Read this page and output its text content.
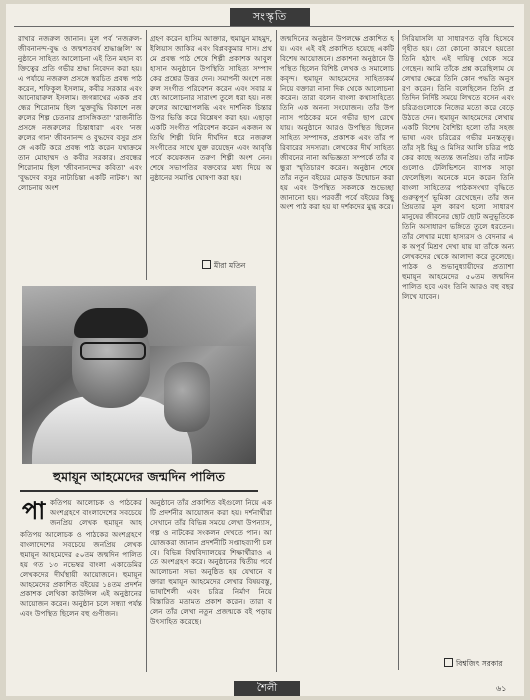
সংস্কৃতি
রাখার নজরুল জানান। মূল পর্ব 'নজরুল-জীবনানন্দ-বুদ্ধ ও জন্মশতবর্ষ শ্রদ্ধাঞ্জলি' অনুষ্ঠানে সাহিত্য আলোচনা এই তিন মহান ব্যক্তিত্বের প্রতি গভীর শ্রদ্ধা নিবেদন করা হয়। এ পর্যায়ে নজরুল প্রসঙ্গে স্বরচিত প্রবন্ধ পাঠ করেন, শফিকুল ইসলাম, কবীর সরকার এবং আনোয়ারুল ইসলাম। জগন্নাথের একক প্রবন্ধের শিরোনাম ছিল 'মুক্তবুদ্ধি বিকাশে নজরুলের শিল্প চেতনার প্রাসঙ্গিকতা' 'রাজনীতি প্রসঙ্গে নজরুলের চিন্তাধারা' এবং 'নজরুলের গান' জীবনানন্দ ও বুদ্ধদেব বসুর প্রসঙ্গে একটি করে প্রবন্ধ পাঠ করেন যথাক্রমে তান মোহাম্মদ ও কবীর সরকার। প্রবন্ধের শিরোনাম ছিল 'জীবনানন্দের কবিতা' এবং 'বুদ্ধদেব বসুর নাট্যচিন্তা একটি নাটক'। আলোচনায় অংশ
গ্রহণ করেন হাসিম আক্তার, হুমায়ুন মাহমুদ, ইলিয়াস জাকির এবং বিপ্লবকুমার দাস। প্রথমে প্রবন্ধ পাঠ শেষে শিল্পী প্রকাশক আবুল হাসান অনুষ্ঠানে উপস্থিতি সাহিত্য সম্পাদকের প্রশ্নের উত্তর দেন। সমাপনী অংশে নজরুল সংগীত পরিবেশন করেন এবং সবার মধ্যে আলোচনার সারাংশ তুলে ধরা হয়। নজরুলের আত্মোপলব্ধি এবং দার্শনিক চিন্তার উপর ভিত্তি করে বিশ্লেষণ করা হয়। এছাড়া একটি সংগীত পরিবেশন করেন একজন অতিথি শিল্পী যিনি দীর্ঘদিন ধরে নজরুল সংগীতের সাথে যুক্ত রয়েছেন এবং আবৃত্তি পর্বে কয়েকজন তরুণ শিল্পী অংশ নেন। শেষে সভাপতির বক্তব্যের মধ্য দিয়ে অনুষ্ঠানের সমাপ্তি ঘোষণা করা হয়।
মীরা মতিন
জন্মদিনের অনুষ্ঠান উপলক্ষে প্রকাশিত হয়। এবং এই বই প্রকাশিত হয়েছে একটি বিশেষ আয়োজনে। প্রকাশনা অনুষ্ঠানে উপস্থিত ছিলেন বিশিষ্ট লেখক ও সমালোচকবৃন্দ। হুমায়ূন আহমেদের সাহিত্যকর্ম নিয়ে বক্তারা নানা দিক থেকে আলোচনা করেন। তারা বলেন বাংলা কথাসাহিত্যে তিনি এক অনন্য সংযোজন। তাঁর উপন্যাস পাঠকের মনে গভীর ছাপ রেখে যায়। অনুষ্ঠানে আরও উপস্থিত ছিলেন সাহিত্য সম্পাদক, প্রকাশক এবং তাঁর পরিবারের সদস্যরা। লেখকের দীর্ঘ সাহিত্য জীবনের নানা অভিজ্ঞতা সম্পর্কে তাঁর বন্ধুরা স্মৃতিচারণ করেন। অনুষ্ঠান শেষে তাঁর নতুন বইয়ের মোড়ক উন্মোচন করা হয় এবং উপস্থিত সকলকে শুভেচ্ছা জানানো হয়। পরবর্তী পর্বে বইয়ের কিছু অংশ পাঠ করা হয় যা দর্শকদের মুগ্ধ করে।
সিরিয়াসলি যা সাধারণত বৃত্তি হিসেবে গৃহীত হয়। তো কোনো কারণে হয়তো তিনি হঠাৎ এই দায়িত্ব থেকে সরে গেছেন। আমি তাঁকে প্রশ্ন করেছিলাম যে লেখার ক্ষেত্রে তিনি কোন পদ্ধতি অনুসরণ করেন। তিনি বলেছিলেন তিনি প্রতিদিন নির্দিষ্ট সময়ে লিখতে বসেন এবং চরিত্রগুলোকে নিজের মতো করে বেড়ে উঠতে দেন। হুমায়ূন আহমেদের লেখায় একটি বিশেষ বৈশিষ্ট্য হলো তাঁর সহজ ভাষা এবং চরিত্রের গভীর মনস্তত্ত্ব। তাঁর সৃষ্ট হিমু ও মিসির আলি চরিত্র পাঠকের কাছে অত্যন্ত জনপ্রিয়। তাঁর নাটকগুলোও টেলিভিশনে ব্যাপক সাড়া ফেলেছিল। অনেকে মনে করেন তিনি বাংলা সাহিত্যের পাঠকসংখ্যা বৃদ্ধিতে গুরুত্বপূর্ণ ভূমিকা রেখেছেন। তাঁর জনপ্রিয়তার মূল কারণ হলো সাধারণ মানুষের জীবনের ছোট ছোট অনুভূতিকে তিনি অসাধারণ ভঙ্গিতে তুলে ধরতেন। তাঁর লেখার মধ্যে হাস্যরস ও বেদনার এক অপূর্ব মিশ্রণ দেখা যায় যা তাঁকে অন্য লেখকদের থেকে আলাদা করে তুলেছে। পাঠক ও শুভানুধ্যায়ীদের প্রত্যাশা হুমায়ূন আহমেদের ৫০তম জন্মদিন পালিত হবে এবং তিনি আরও বহু বছর লিখে যাবেন।
বিশ্বজিৎ সরকার
হুমায়ূন আহমেদের জন্মদিন পালিত
পা কতিপয় আলোচক ও পাঠকের অংশগ্রহণে বাংলাদেশের সবচেয়ে জনপ্রিয় লেখক হুমায়ূন আহ
কতিপয় আলোচক ও পাঠকের অংশগ্রহণে বাংলাদেশের সবচেয়ে জনপ্রিয় লেখক হুমায়ূন আহমেদের ৫০তম জন্মদিন পালিত হয় গত ১৩ নভেম্বর বাংলা একাডেমির লেখকদের দীর্ঘস্থায়ী আয়োজনে। হুমায়ূন আহমেদের প্রকাশিত বইয়ের ১৪তম প্রদর্শন প্রকাশক লেখিকা কাউন্সিল এই অনুষ্ঠানের আয়োজন করেন। অনুষ্ঠান চলে সন্ধ্যা পর্যন্ত এবং উপস্থিত ছিলেন বহু গুণীজন।
অনুষ্ঠানে তাঁর প্রকাশিত বইগুলো নিয়ে একটি প্রদর্শনীর আয়োজন করা হয়। দর্শনার্থীরা সেখানে তাঁর বিভিন্ন সময়ে লেখা উপন্যাস, গল্প ও নাটকের সংকলন দেখতে পান। আয়োজকরা জানান প্রদর্শনীটি সপ্তাহব্যাপী চলবে। বিভিন্ন বিশ্ববিদ্যালয়ের শিক্ষার্থীরাও এতে অংশগ্রহণ করে। অনুষ্ঠানের দ্বিতীয় পর্বে আলোচনা সভা অনুষ্ঠিত হয় যেখানে বক্তারা হুমায়ূন আহমেদের লেখার বিষয়বস্তু, ভাষাশৈলী এবং চরিত্র নির্মাণ নিয়ে বিস্তারিত মতামত প্রকাশ করেন। তারা বলেন তাঁর লেখা নতুন প্রজন্মকে বই পড়ায় উৎসাহিত করেছে।
শৈলী	৬১
